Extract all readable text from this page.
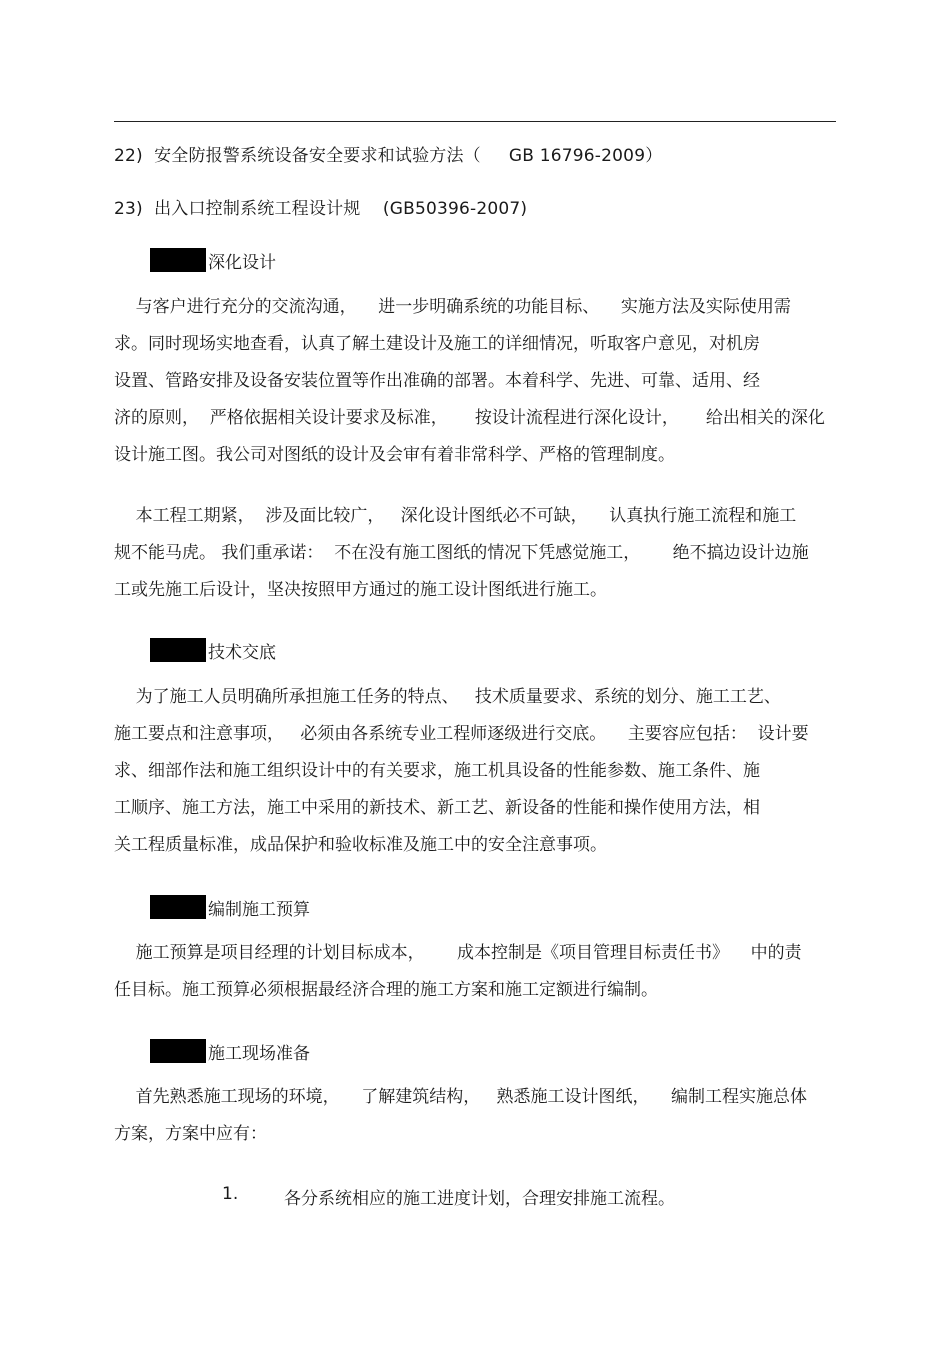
22)  安全防报警系统设备安全要求和试验方法（     GB 16796-2009）
23)  出入口控制系统工程设计规    (GB50396-2007)
深化设计

与客户进行充分的交流沟通，    进一步明确系统的功能目标、    实施方法及实际使用需

求。同时现场实地查看，认真了解土建设计及施工的详细情况，听取客户意见，对机房

设置、管路安排及设备安装位置等作出准确的部署。本着科学、先进、可靠、适用、经

济的原则，  严格依据相关设计要求及标准，     按设计流程进行深化设计，     给出相关的深化

设计施工图。我公司对图纸的设计及会审有着非常科学、严格的管理制度。

本工程工期紧，  涉及面比较广，   深化设计图纸必不可缺，    认真执行施工流程和施工

规不能马虎。 我们重承诺：  不在没有施工图纸的情况下凭感觉施工，      绝不搞边设计边施

工或先施工后设计，坚决按照甲方通过的施工设计图纸进行施工。

技术交底

为了施工人员明确所承担施工任务的特点、   技术质量要求、系统的划分、施工工艺、

施工要点和注意事项，   必须由各系统专业工程师逐级进行交底。    主要容应包括：  设计要

求、细部作法和施工组织设计中的有关要求，施工机具设备的性能参数、施工条件、施

工顺序、施工方法，施工中采用的新技术、新工艺、新设备的性能和操作使用方法，相

关工程质量标准，成品保护和验收标准及施工中的安全注意事项。

编制施工预算

施工预算是项目经理的计划目标成本，      成本控制是《项目管理目标责任书》    中的责

任目标。施工预算必须根据最经济合理的施工方案和施工定额进行编制。

施工现场准备

首先熟悉施工现场的环境，    了解建筑结构，   熟悉施工设计图纸，    编制工程实施总体

方案，方案中应有：

1.	各分系统相应的施工进度计划，合理安排施工流程。
